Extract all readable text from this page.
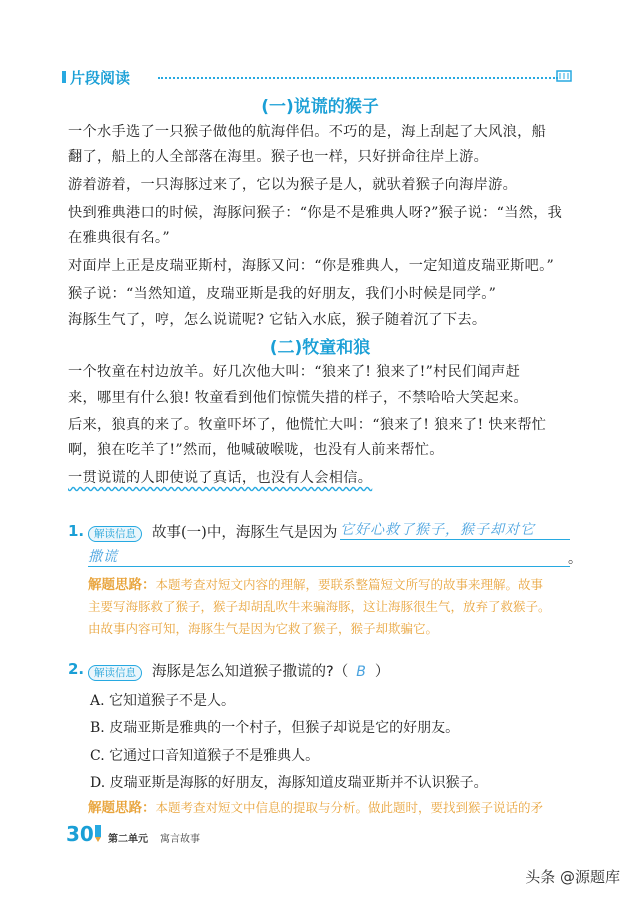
片段阅读
(一)说谎的猴子
一个水手选了一只猴子做他的航海伴侣。不巧的是，海上刮起了大风浪，船
翻了，船上的人全部落在海里。猴子也一样，只好拼命往岸上游。
游着游着，一只海豚过来了，它以为猴子是人，就驮着猴子向海岸游。
快到雅典港口的时候，海豚问猴子：“你是不是雅典人呀?”猴子说：“当然，我
在雅典很有名。”
对面岸上正是皮瑞亚斯村，海豚又问：“你是雅典人，一定知道皮瑞亚斯吧。”
猴子说：“当然知道，皮瑞亚斯是我的好朋友，我们小时候是同学。”
海豚生气了，哼，怎么说谎呢? 它钻入水底，猴子随着沉了下去。
(二)牧童和狼
一个牧童在村边放羊。好几次他大叫：“狼来了! 狼来了!”村民们闻声赶
来，哪里有什么狼! 牧童看到他们惊慌失措的样子，不禁哈哈大笑起来。
后来，狼真的来了。牧童吓坏了，他慌忙大叫：“狼来了! 狼来了! 快来帮忙
啊，狼在吃羊了!”然而，他喊破喉咙，也没有人前来帮忙。
一贯说谎的人即使说了真话，也没有人会相信。
1. 解读信息	故事(一)中，海豚生气是因为 它好心救了猴子，猴子却对它
撒谎	。
解题思路：本题考查对短文内容的理解，要联系整篇短文所写的故事来理解。故事
主要写海豚救了猴子，猴子却胡乱吹牛来骗海豚，这让海豚很生气，放弃了救猴子。
由故事内容可知，海豚生气是因为它救了猴子，猴子却欺骗它。
2. 解读信息	海豚是怎么知道猴子撒谎的?（ B ）
A. 它知道猴子不是人。
B. 皮瑞亚斯是雅典的一个村子，但猴子却说是它的好朋友。
C. 它通过口音知道猴子不是雅典人。
D. 皮瑞亚斯是海豚的好朋友，海豚知道皮瑞亚斯并不认识猴子。
解题思路：本题考查对短文中信息的提取与分析。做此题时，要找到猴子说话的矛
30 第二单元 寓言故事
头条 @源题库
